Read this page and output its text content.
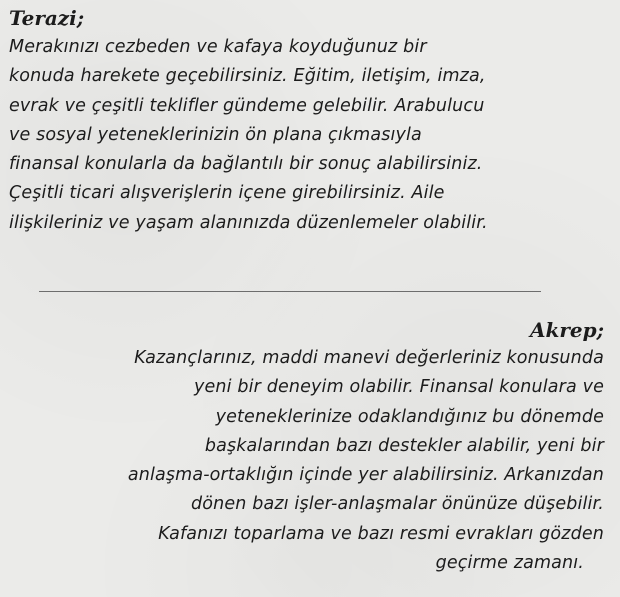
Terazi;
Merakınızı cezbeden ve kafaya koyduğunuz bir
konuda harekete geçebilirsiniz. Eğitim, iletişim, imza,
evrak ve çeşitli teklifler gündeme gelebilir. Arabulucu
ve sosyal yeteneklerinizin ön plana çıkmasıyla
finansal konularla da bağlantılı bir sonuç alabilirsiniz.
Çeşitli ticari alışverişlerin içene girebilirsiniz. Aile
ilişkileriniz ve yaşam alanınızda düzenlemeler olabilir.
Akrep;
Kazançlarınız, maddi manevi değerleriniz konusunda
yeni bir deneyim olabilir. Finansal konulara ve
yeteneklerinize odaklandığınız bu dönemde
başkalarından bazı destekler alabilir, yeni bir
anlaşma-ortaklığın içinde yer alabilirsiniz. Arkanızdan
dönen bazı işler-anlaşmalar önünüze düşebilir.
Kafanızı toparlama ve bazı resmi evrakları gözden
geçirme zamanı.
